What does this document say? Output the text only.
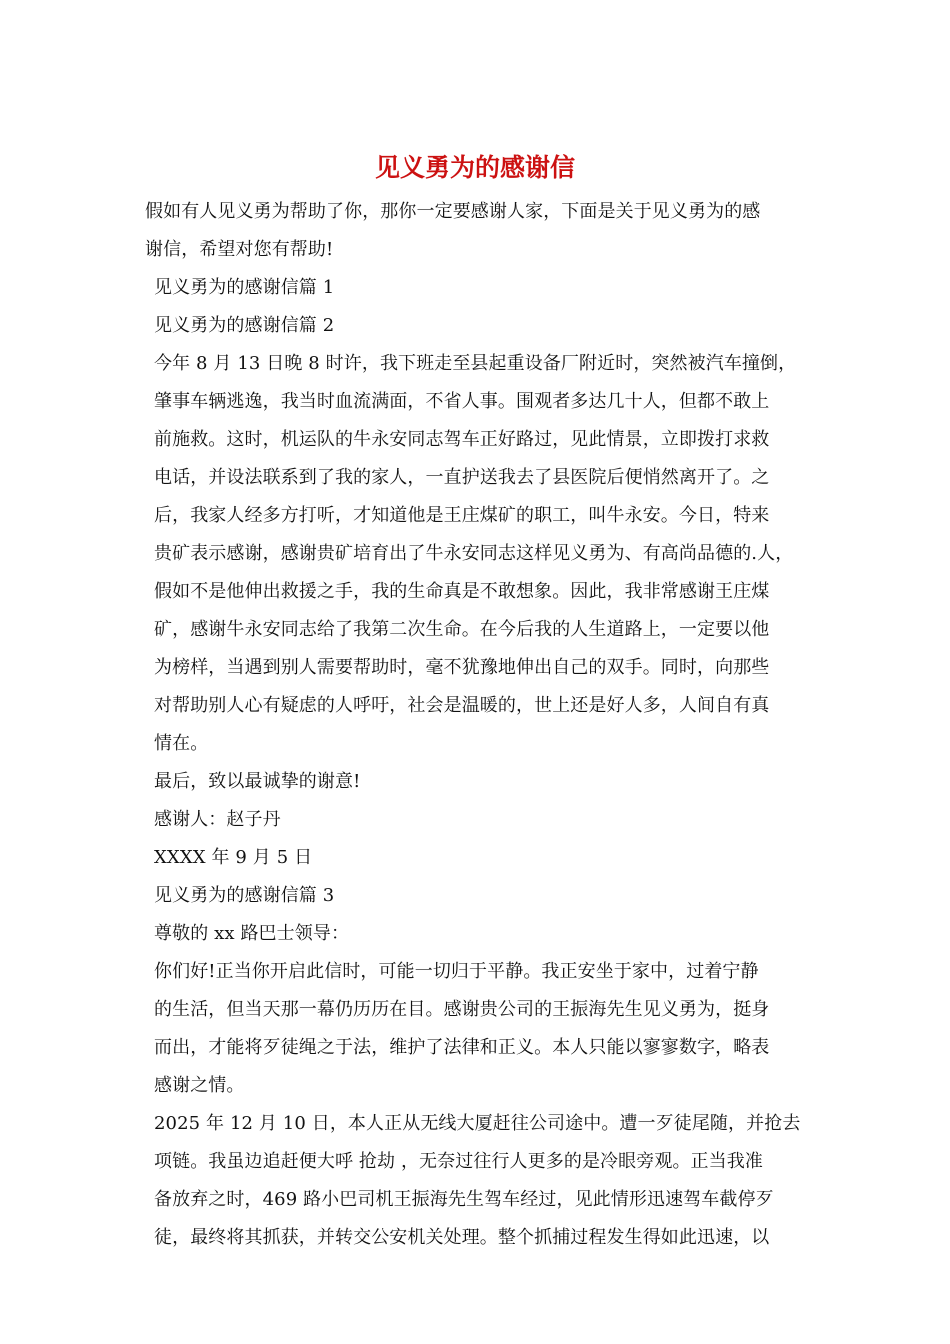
见义勇为的感谢信

假如有人见义勇为帮助了你，那你一定要感谢人家，下面是关于见义勇为的感
谢信，希望对您有帮助!

见义勇为的感谢信篇 1

见义勇为的感谢信篇 2

今年 8 月 13 日晚 8 时许，我下班走至县起重设备厂附近时，突然被汽车撞倒，
肇事车辆逃逸，我当时血流满面，不省人事。围观者多达几十人，但都不敢上
前施救。这时，机运队的牛永安同志驾车正好路过，见此情景，立即拨打求救
电话，并设法联系到了我的家人，一直护送我去了县医院后便悄然离开了。之
后，我家人经多方打听，才知道他是王庄煤矿的职工，叫牛永安。今日，特来
贵矿表示感谢，感谢贵矿培育出了牛永安同志这样见义勇为、有高尚品德的.人，
假如不是他伸出救援之手，我的生命真是不敢想象。因此，我非常感谢王庄煤
矿，感谢牛永安同志给了我第二次生命。在今后我的人生道路上，一定要以他
为榜样，当遇到别人需要帮助时，毫不犹豫地伸出自己的双手。同时，向那些
对帮助别人心有疑虑的人呼吁，社会是温暖的，世上还是好人多，人间自有真
情在。

最后，致以最诚挚的谢意!

感谢人：赵子丹

XXXX 年 9 月 5 日

见义勇为的感谢信篇 3

尊敬的 xx 路巴士领导：

你们好!正当你开启此信时，可能一切归于平静。我正安坐于家中，过着宁静
的生活，但当天那一幕仍历历在目。感谢贵公司的王振海先生见义勇为，挺身
而出，才能将歹徒绳之于法，维护了法律和正义。本人只能以寥寥数字，略表
感谢之情。

2025 年 12 月 10 日，本人正从无线大厦赶往公司途中。遭一歹徒尾随，并抢去
项链。我虽边追赶便大呼 抢劫 ，无奈过往行人更多的是冷眼旁观。正当我准
备放弃之时，469 路小巴司机王振海先生驾车经过，见此情形迅速驾车截停歹
徒，最终将其抓获，并转交公安机关处理。整个抓捕过程发生得如此迅速，以
